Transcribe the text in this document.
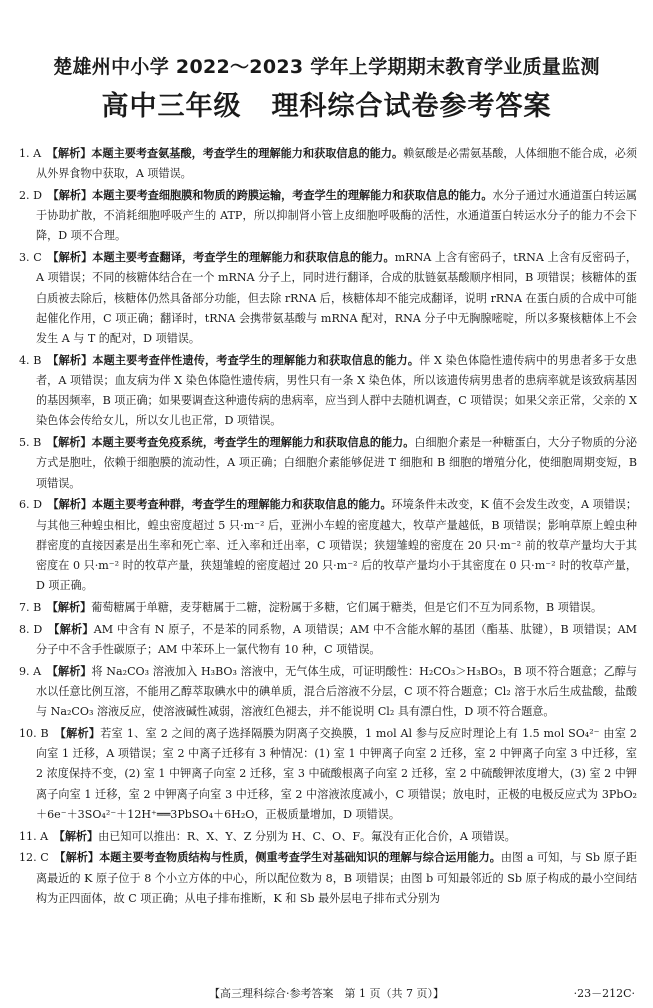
楚雄州中小学 2022～2023 学年上学期期末教育学业质量监测
高中三年级 理科综合试卷参考答案

1. A　 【解析】本题主要考查氨基酸，考查学生的理解能力和获取信息的能力。赖氨酸是必需氨基酸，人体细胞不能合成，必须从外界食物中获取，A 项错误。

2. D　 【解析】本题主要考查细胞膜和物质的跨膜运输，考查学生的理解能力和获取信息的能力。水分子通过水通道蛋白转运属于协助扩散，不消耗细胞呼吸产生的 ATP，所以抑制肾小管上皮细胞呼吸酶的活性，水通道蛋白转运水分子的能力不会下降，D 项不合理。

3. C　 【解析】本题主要考查翻译，考查学生的理解能力和获取信息的能力。mRNA 上含有密码子，tRNA 上含有反密码子，A 项错误；不同的核糖体结合在一个 mRNA 分子上，同时进行翻译，合成的肽链氨基酸顺序相同，B 项错误；核糖体的蛋白质被去除后，核糖体仍然具备部分功能，但去除 rRNA 后，核糖体却不能完成翻译，说明 rRNA 在蛋白质的合成中可能起催化作用，C 项正确；翻译时，tRNA 会携带氨基酸与 mRNA 配对，RNA 分子中无胸腺嘧啶，所以多聚核糖体上不会发生 A 与 T 的配对，D 项错误。

4. B　 【解析】本题主要考查伴性遗传，考查学生的理解能力和获取信息的能力。伴 X 染色体隐性遗传病中的男患者多于女患者，A 项错误；血友病为伴 X 染色体隐性遗传病，男性只有一条 X 染色体，所以该遗传病男患者的患病率就是该致病基因的基因频率，B 项正确；如果要调查这种遗传病的患病率，应当到人群中去随机调查，C 项错误；如果父亲正常，父亲的 X 染色体会传给女儿，所以女儿也正常，D 项错误。

5. B　 【解析】本题主要考查免疫系统，考查学生的理解能力和获取信息的能力。白细胞介素是一种糖蛋白，大分子物质的分泌方式是胞吐，依赖于细胞膜的流动性，A 项正确；白细胞介素能够促进 T 细胞和 B 细胞的增殖分化，使细胞周期变短，B 项错误。

6. D　 【解析】本题主要考查种群，考查学生的理解能力和获取信息的能力。环境条件未改变，K 值不会发生改变，A 项错误；与其他三种蝗虫相比，蝗虫密度超过 5 只·m⁻² 后，亚洲小车蝗的密度越大，牧草产量越低，B 项错误；影响草原上蝗虫种群密度的直接因素是出生率和死亡率、迁入率和迁出率，C 项错误；狭翅雏蝗的密度在 20 只·m⁻² 前的牧草产量均大于其密度在 0 只·m⁻² 时的牧草产量，狭翅雏蝗的密度超过 20 只·m⁻² 后的牧草产量均小于其密度在 0 只·m⁻² 时的牧草产量，D 项正确。

7. B　 【解析】葡萄糖属于单糖，麦芽糖属于二糖，淀粉属于多糖，它们属于糖类，但是它们不互为同系物，B 项错误。

8. D　 【解析】AM 中含有 N 原子，不是苯的同系物，A 项错误；AM 中不含能水解的基团（酯基、肽键），B 项错误；AM 分子中不含手性碳原子；AM 中苯环上一氯代物有 10 种，C 项错误。

9. A　 【解析】将 Na₂CO₃ 溶液加入 H₃BO₃ 溶液中，无气体生成，可证明酸性：H₂CO₃＞H₃BO₃，B 项不符合题意；乙醇与水以任意比例互溶，不能用乙醇萃取碘水中的碘单质，混合后溶液不分层，C 项不符合题意；Cl₂ 溶于水后生成盐酸，盐酸与 Na₂CO₃ 溶液反应，使溶液碱性减弱，溶液红色褪去，并不能说明 Cl₂ 具有漂白性，D 项不符合题意。

10. B　 【解析】若室 1、室 2 之间的离子选择隔膜为阴离子交换膜，1 mol Al 参与反应时理论上有 1.5 mol SO₄²⁻ 由室 2 向室 1 迁移，A 项错误；室 2 中离子迁移有 3 种情况：(1) 室 1 中钾离子向室 2 迁移，室 2 中钾离子向室 3 中迁移，室 2 浓度保持不变，(2) 室 1 中钾离子向室 2 迁移，室 3 中硫酸根离子向室 2 迁移，室 2 中硫酸钾浓度增大，(3) 室 2 中钾离子向室 1 迁移，室 2 中钾离子向室 3 中迁移，室 2 中溶液浓度减小，C 项错误；放电时，正极的电极反应式为 3PbO₂＋6e⁻＋3SO₄²⁻＋12H⁺══3PbSO₄＋6H₂O，正极质量增加，D 项错误。

11. A　 【解析】由已知可以推出：R、X、Y、Z 分别为 H、C、O、F。氟没有正化合价，A 项错误。

12. C　 【解析】本题主要考查物质结构与性质，侧重考查学生对基础知识的理解与综合运用能力。由图 a 可知，与 Sb 原子距离最近的 K 原子位于 8 个小立方体的中心，所以配位数为 8，B 项错误；由图 b 可知最邻近的 Sb 原子构成的最小空间结构为正四面体，故 C 项正确；从电子排布推断，K 和 Sb 最外层电子排布式分别为

【高三理科综合·参考答案　第 1 页（共 7 页）】	·23－212C·
